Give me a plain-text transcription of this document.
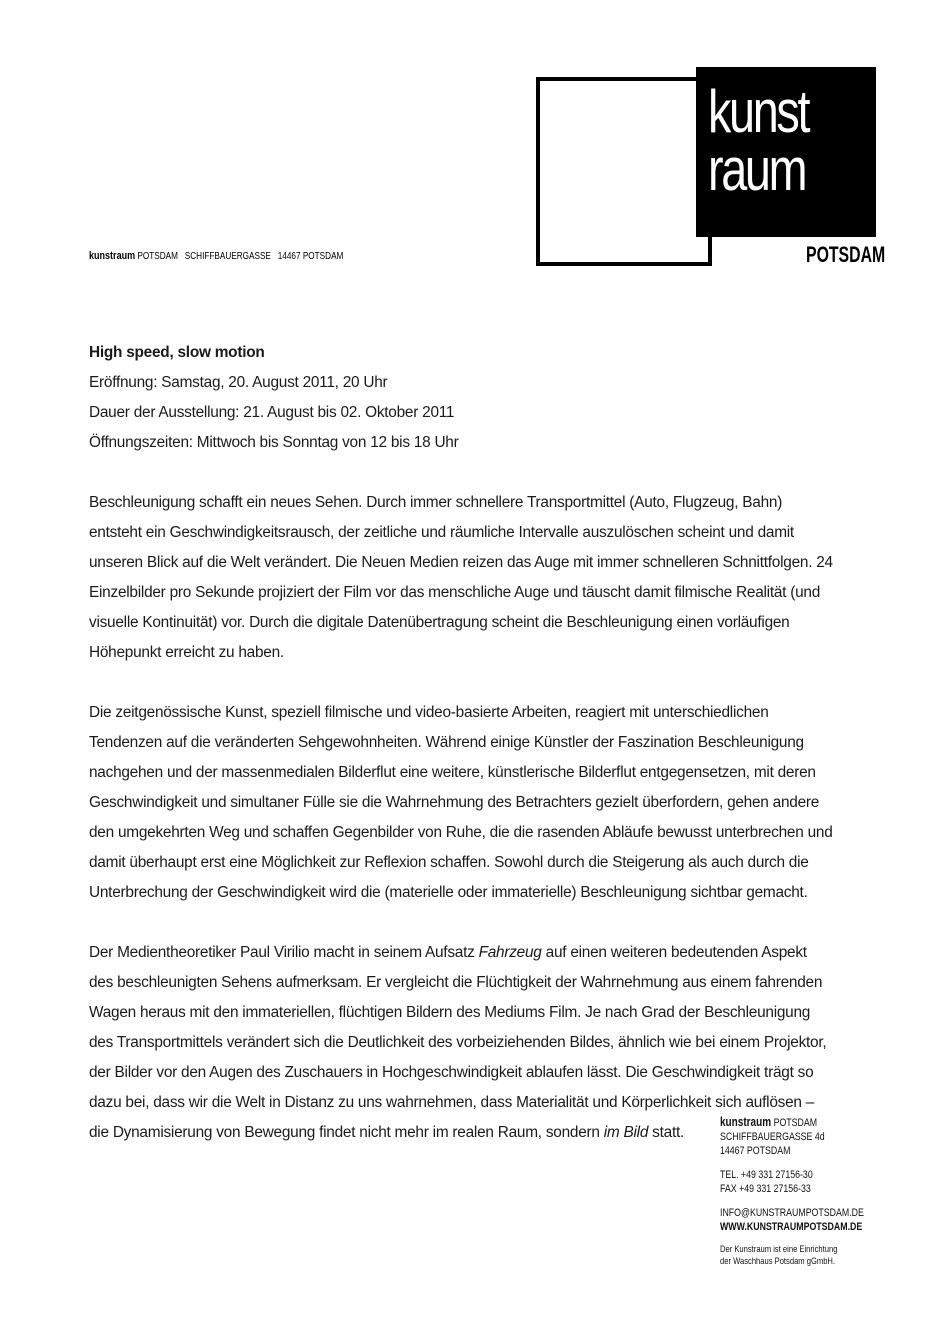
kunst
raum
POTSDAM
kunstraum POTSDAM   SCHIFFBAUERGASSE   14467 POTSDAM
High speed, slow motion
Eröffnung: Samstag, 20. August 2011, 20 Uhr
Dauer der Ausstellung: 21. August bis 02. Oktober 2011
Öffnungszeiten: Mittwoch bis Sonntag von 12 bis 18 Uhr
Beschleunigung schafft ein neues Sehen. Durch immer schnellere Transportmittel (Auto, Flugzeug, Bahn)
entsteht ein Geschwindigkeitsrausch, der zeitliche und räumliche Intervalle auszulöschen scheint und damit
unseren Blick auf die Welt verändert. Die Neuen Medien reizen das Auge mit immer schnelleren Schnittfolgen. 24
Einzelbilder pro Sekunde projiziert der Film vor das menschliche Auge und täuscht damit filmische Realität (und
visuelle Kontinuität) vor. Durch die digitale Datenübertragung scheint die Beschleunigung einen vorläufigen
Höhepunkt erreicht zu haben.
Die zeitgenössische Kunst, speziell filmische und video-basierte Arbeiten, reagiert mit unterschiedlichen
Tendenzen auf die veränderten Sehgewohnheiten. Während einige Künstler der Faszination Beschleunigung
nachgehen und der massenmedialen Bilderflut eine weitere, künstlerische Bilderflut entgegensetzen, mit deren
Geschwindigkeit und simultaner Fülle sie die Wahrnehmung des Betrachters gezielt überfordern, gehen andere
den umgekehrten Weg und schaffen Gegenbilder von Ruhe, die die rasenden Abläufe bewusst unterbrechen und
damit überhaupt erst eine Möglichkeit zur Reflexion schaffen. Sowohl durch die Steigerung als auch durch die
Unterbrechung der Geschwindigkeit wird die (materielle oder immaterielle) Beschleunigung sichtbar gemacht.
Der Medientheoretiker Paul Virilio macht in seinem Aufsatz Fahrzeug auf einen weiteren bedeutenden Aspekt
des beschleunigten Sehens aufmerksam. Er vergleicht die Flüchtigkeit der Wahrnehmung aus einem fahrenden
Wagen heraus mit den immateriellen, flüchtigen Bildern des Mediums Film. Je nach Grad der Beschleunigung
des Transportmittels verändert sich die Deutlichkeit des vorbeiziehenden Bildes, ähnlich wie bei einem Projektor,
der Bilder vor den Augen des Zuschauers in Hochgeschwindigkeit ablaufen lässt. Die Geschwindigkeit trägt so
dazu bei, dass wir die Welt in Distanz zu uns wahrnehmen, dass Materialität und Körperlichkeit sich auflösen –
die Dynamisierung von Bewegung findet nicht mehr im realen Raum, sondern im Bild statt.
kunstraum POTSDAM
SCHIFFBAUERGASSE 4d
14467 POTSDAM
TEL. +49 331 27156-30
FAX +49 331 27156-33
INFO@KUNSTRAUMPOTSDAM.DE
WWW.KUNSTRAUMPOTSDAM.DE
Der Kunstraum ist eine Einrichtung
der Waschhaus Potsdam gGmbH.
